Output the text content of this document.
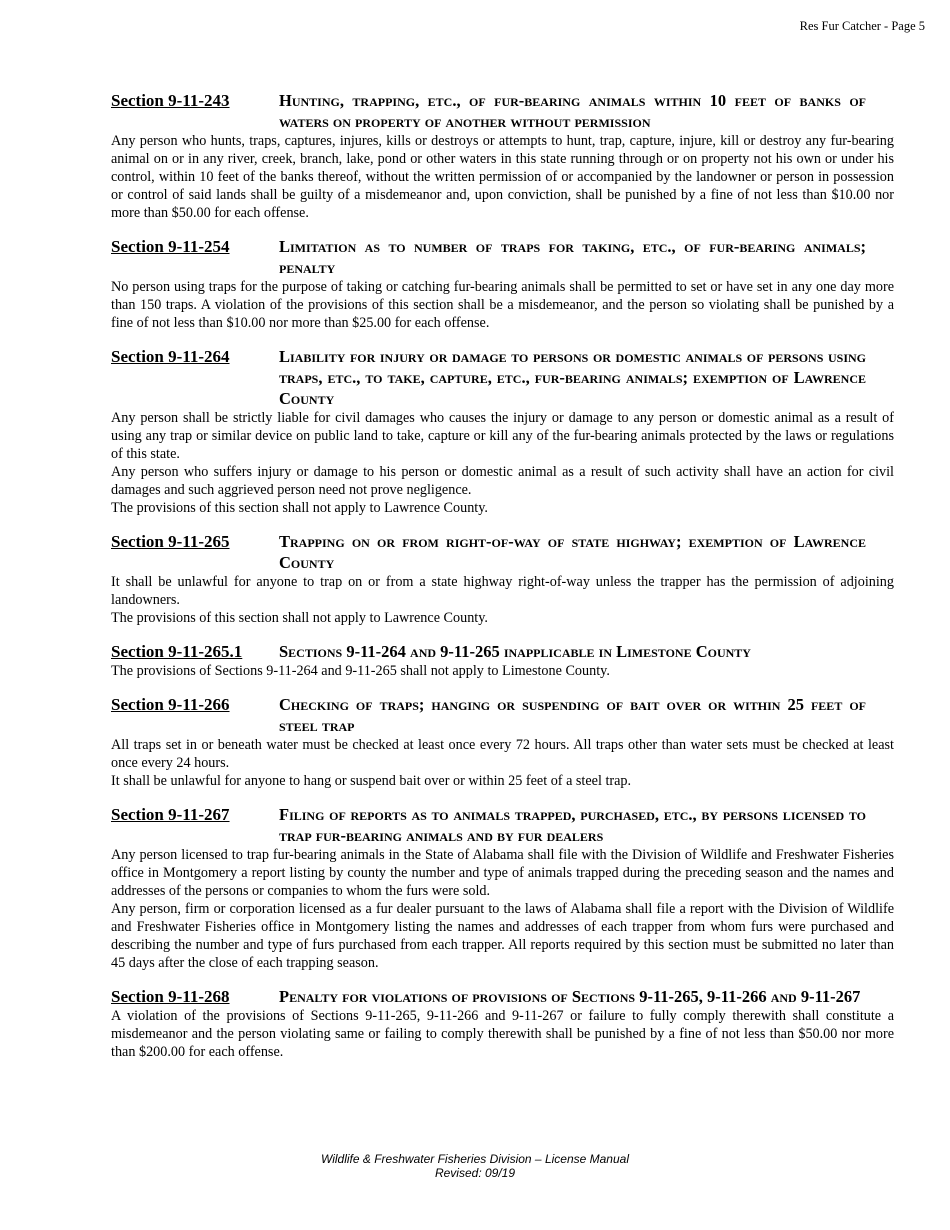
Res Fur Catcher - Page 5
Section 9-11-243	Hunting, trapping, etc., of fur-bearing animals within 10 feet of banks of waters on property of another without permission

Any person who hunts, traps, captures, injures, kills or destroys or attempts to hunt, trap, capture, injure, kill or destroy any fur-bearing animal on or in any river, creek, branch, lake, pond or other waters in this state running through or on property not his own or under his control, within 10 feet of the banks thereof, without the written permission of or accompanied by the landowner or person in possession or control of said lands shall be guilty of a misdemeanor and, upon conviction, shall be punished by a fine of not less than $10.00 nor more than $50.00 for each offense.

Section 9-11-254	Limitation as to number of traps for taking, etc., of fur-bearing animals; penalty

No person using traps for the purpose of taking or catching fur-bearing animals shall be permitted to set or have set in any one day more than 150 traps. A violation of the provisions of this section shall be a misdemeanor, and the person so violating shall be punished by a fine of not less than $10.00 nor more than $25.00 for each offense.

Section 9-11-264	Liability for injury or damage to persons or domestic animals of persons using traps, etc., to take, capture, etc., fur-bearing animals; exemption of Lawrence County

Any person shall be strictly liable for civil damages who causes the injury or damage to any person or domestic animal as a result of using any trap or similar device on public land to take, capture or kill any of the fur-bearing animals protected by the laws or regulations of this state.

Any person who suffers injury or damage to his person or domestic animal as a result of such activity shall have an action for civil damages and such aggrieved person need not prove negligence.

The provisions of this section shall not apply to Lawrence County.

Section 9-11-265	Trapping on or from right-of-way of state highway; exemption of Lawrence County

It shall be unlawful for anyone to trap on or from a state highway right-of-way unless the trapper has the permission of adjoining landowners.

The provisions of this section shall not apply to Lawrence County.

Section 9-11-265.1	Sections 9-11-264 and 9-11-265 inapplicable in Limestone County

The provisions of Sections 9-11-264 and 9-11-265 shall not apply to Limestone County.

Section 9-11-266	Checking of traps; hanging or suspending of bait over or within 25 feet of steel trap

All traps set in or beneath water must be checked at least once every 72 hours. All traps other than water sets must be checked at least once every 24 hours.

It shall be unlawful for anyone to hang or suspend bait over or within 25 feet of a steel trap.

Section 9-11-267	Filing of reports as to animals trapped, purchased, etc., by persons licensed to trap fur-bearing animals and by fur dealers

Any person licensed to trap fur-bearing animals in the State of Alabama shall file with the Division of Wildlife and Freshwater Fisheries office in Montgomery a report listing by county the number and type of animals trapped during the preceding season and the names and addresses of the persons or companies to whom the furs were sold.

Any person, firm or corporation licensed as a fur dealer pursuant to the laws of Alabama shall file a report with the Division of Wildlife and Freshwater Fisheries office in Montgomery listing the names and addresses of each trapper from whom furs were purchased and describing the number and type of furs purchased from each trapper. All reports required by this section must be submitted no later than 45 days after the close of each trapping season.

Section 9-11-268	Penalty for violations of provisions of Sections 9-11-265, 9-11-266 and 9-11-267

A violation of the provisions of Sections 9-11-265, 9-11-266 and 9-11-267 or failure to fully comply therewith shall constitute a misdemeanor and the person violating same or failing to comply therewith shall be punished by a fine of not less than $50.00 nor more than $200.00 for each offense.

Wildlife & Freshwater Fisheries Division – License Manual
Revised: 09/19
